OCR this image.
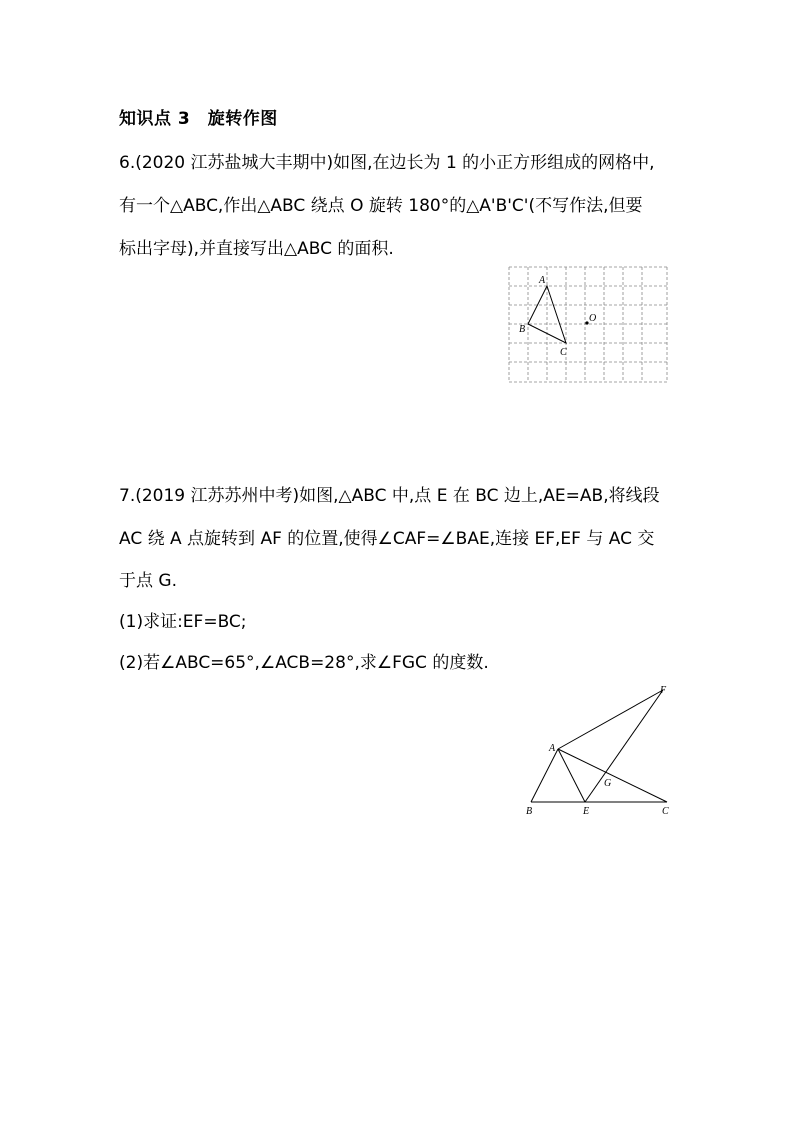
知识点 3　旋转作图
6.(2020 江苏盐城大丰期中)如图,在边长为 1 的小正方形组成的网格中,
有一个△ABC,作出△ABC 绕点 O 旋转 180°的△A'B'C'(不写作法,但要
标出字母),并直接写出△ABC 的面积.
A
B
C
O
7.(2019 江苏苏州中考)如图,△ABC 中,点 E 在 BC 边上,AE=AB,将线段
AC 绕 A 点旋转到 AF 的位置,使得∠CAF=∠BAE,连接 EF,EF 与 AC 交
于点 G.
(1)求证:EF=BC;
(2)若∠ABC=65°,∠ACB=28°,求∠FGC 的度数.
F
A
G
B	E	C
